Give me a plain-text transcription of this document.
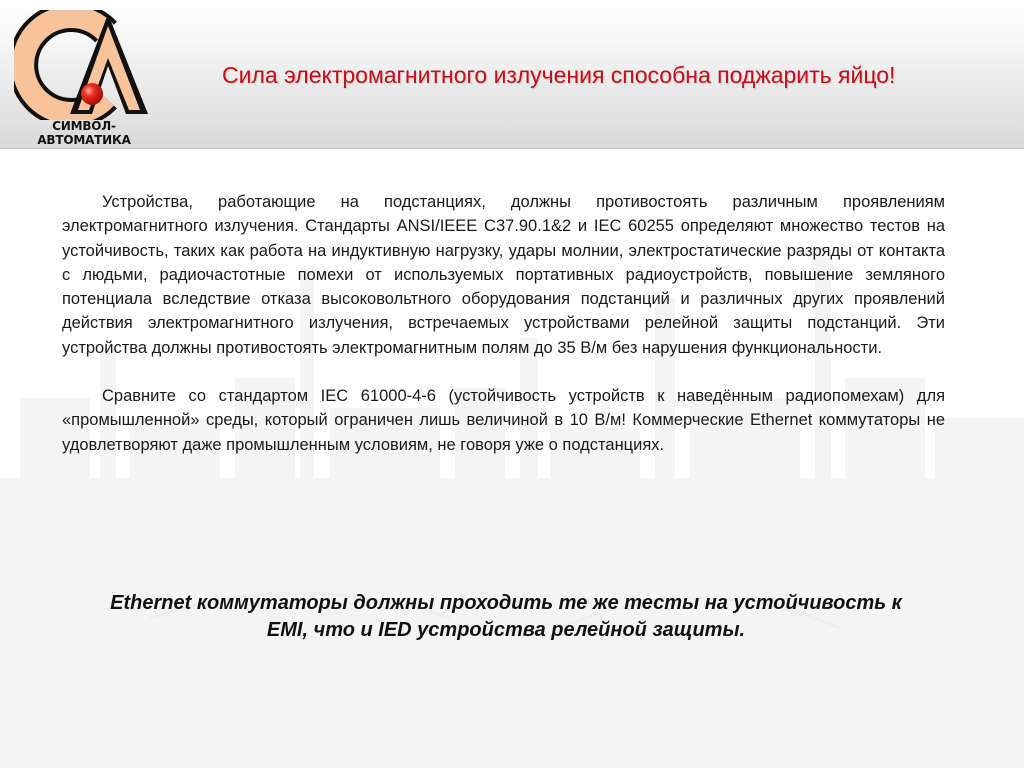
СИМВОЛ-АВТОМАТИКА
Сила электромагнитного излучения способна поджарить яйцо!

Устройства, работающие на подстанциях, должны противостоять различным проявлениям электромагнитного излучения. Стандарты ANSI/IEEE C37.90.1&2 и IEC 60255 определяют множество тестов на устойчивость, таких как работа на индуктивную нагрузку, удары молнии, электростатические разряды от контакта с людьми, радиочастотные помехи от используемых портативных радиоустройств, повышение земляного потенциала вследствие отказа высоковольтного оборудования подстанций и различных других проявлений действия электромагнитного излучения, встречаемых устройствами релейной защиты подстанций. Эти устройства должны противостоять электромагнитным полям до 35 В/м без нарушения функциональности.

Сравните со стандартом IEC 61000-4-6 (устойчивость устройств к наведённым радиопомехам) для «промышленной» среды, который ограничен лишь величиной в 10 В/м! Коммерческие Ethernet коммутаторы не удовлетворяют даже промышленным условиям, не говоря уже о подстанциях.

Ethernet коммутаторы должны проходить те же тесты на устойчивость к EMI, что и IED устройства релейной защиты.
